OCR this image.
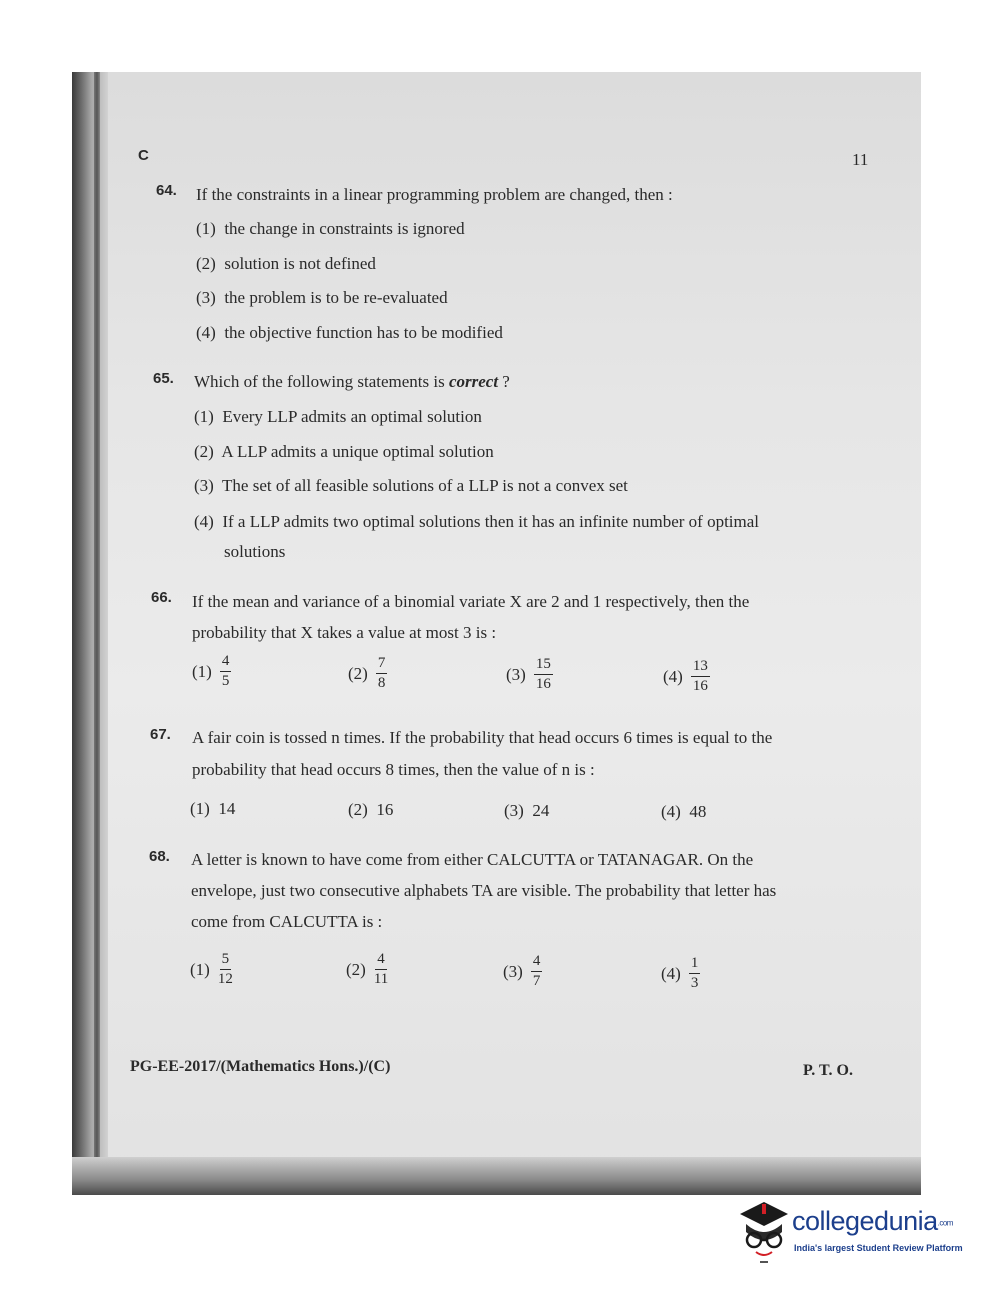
C	11
64. If the constraints in a linear programming problem are changed, then :
(1) the change in constraints is ignored
(2) solution is not defined
(3) the problem is to be re-evaluated
(4) the objective function has to be modified
65. Which of the following statements is correct ?
(1) Every LLP admits an optimal solution
(2) A LLP admits a unique optimal solution
(3) The set of all feasible solutions of a LLP is not a convex set
(4) If a LLP admits two optimal solutions then it has an infinite number of optimal
solutions
66. If the mean and variance of a binomial variate X are 2 and 1 respectively, then the
probability that X takes a value at most 3 is :
$(1) \frac{4}{5}$	$(2) \frac{7}{8}$	$(3) \frac{15}{16}$	$(4) \frac{13}{16}$
67. A fair coin is tossed n times. If the probability that head occurs 6 times is equal to the
probability that head occurs 8 times, then the value of n is :
(1) 14	(2) 16	(3) 24	(4) 48
68. A letter is known to have come from either CALCUTTA or TATANAGAR. On the
envelope, just two consecutive alphabets TA are visible. The probability that letter has
come from CALCUTTA is :
$(1) \frac{5}{12}$	$(2) \frac{4}{11}$	$(3) \frac{4}{7}$	$(4) \frac{1}{3}$
PG-EE-2017/(Mathematics Hons.)/(C)	P. T. O.
collegedunia.com
India's largest Student Review Platform
